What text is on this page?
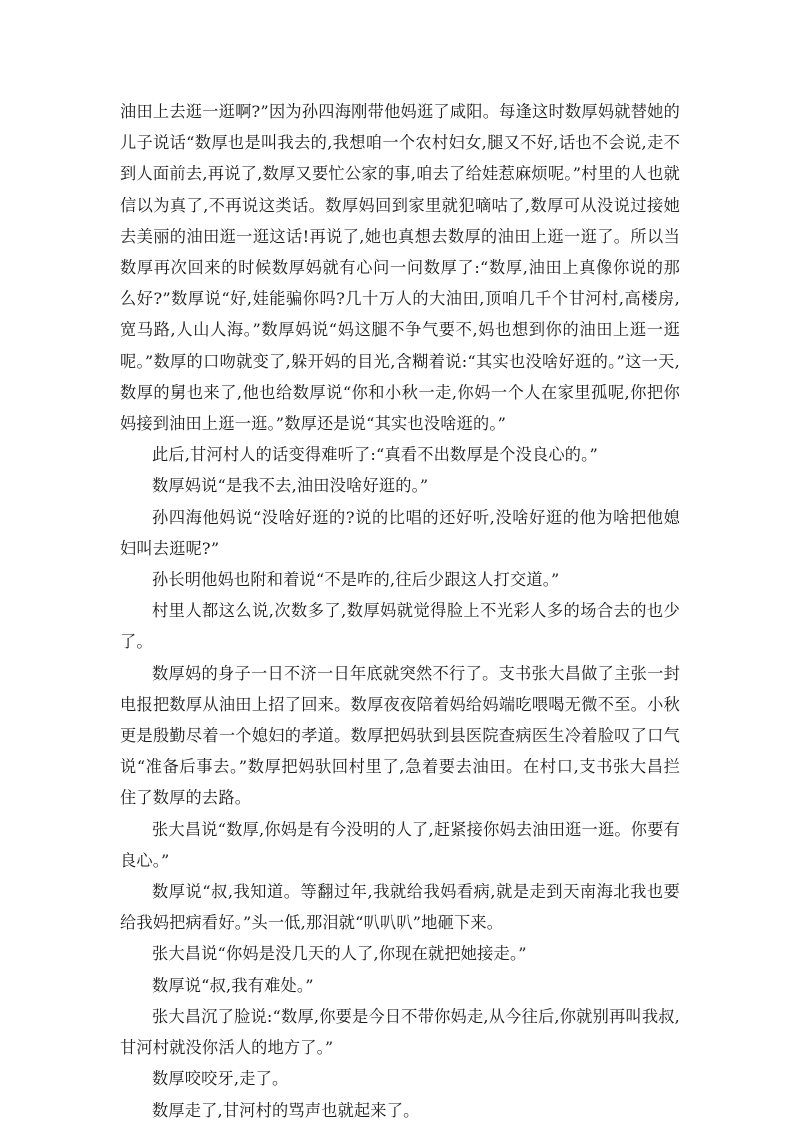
油田上去逛一逛啊?”因为孙四海刚带他妈逛了咸阳。每逢这时数厚妈就替她的儿子说话“数厚也是叫我去的,我想咱一个农村妇女,腿又不好,话也不会说,走不到人面前去,再说了,数厚又要忙公家的事,咱去了给娃惹麻烦呢。”村里的人也就信以为真了,不再说这类话。数厚妈回到家里就犯嘀咕了,数厚可从没说过接她去美丽的油田逛一逛这话!再说了,她也真想去数厚的油田上逛一逛了。所以当数厚再次回来的时候数厚妈就有心问一问数厚了:“数厚,油田上真像你说的那么好?”数厚说“好,娃能骗你吗?几十万人的大油田,顶咱几千个甘河村,高楼房,宽马路,人山人海。”数厚妈说“妈这腿不争气要不,妈也想到你的油田上逛一逛呢。”数厚的口吻就变了,躲开妈的目光,含糊着说:“其实也没啥好逛的。”这一天,数厚的舅也来了,他也给数厚说“你和小秋一走,你妈一个人在家里孤呢,你把你妈接到油田上逛一逛。”数厚还是说“其实也没啥逛的。”

此后,甘河村人的话变得难听了:“真看不出数厚是个没良心的。”

数厚妈说“是我不去,油田没啥好逛的。”

孙四海他妈说“没啥好逛的?说的比唱的还好听,没啥好逛的他为啥把他媳妇叫去逛呢?”

孙长明他妈也附和着说“不是咋的,往后少跟这人打交道。”

村里人都这么说,次数多了,数厚妈就觉得脸上不光彩人多的场合去的也少了。

数厚妈的身子一日不济一日年底就突然不行了。支书张大昌做了主张一封电报把数厚从油田上招了回来。数厚夜夜陪着妈给妈端吃喂喝无微不至。小秋更是殷勤尽着一个媳妇的孝道。数厚把妈驮到县医院查病医生冷着脸叹了口气说“准备后事去。”数厚把妈驮回村里了,急着要去油田。在村口,支书张大昌拦住了数厚的去路。

张大昌说“数厚,你妈是有今没明的人了,赶紧接你妈去油田逛一逛。你要有良心。”

数厚说“叔,我知道。等翻过年,我就给我妈看病,就是走到天南海北我也要给我妈把病看好。”头一低,那泪就“叭叭叭”地砸下来。

张大昌说“你妈是没几天的人了,你现在就把她接走。”

数厚说“叔,我有难处。”

张大昌沉了脸说:“数厚,你要是今日不带你妈走,从今往后,你就别再叫我叔,甘河村就没你活人的地方了。”

数厚咬咬牙,走了。

数厚走了,甘河村的骂声也就起来了。
